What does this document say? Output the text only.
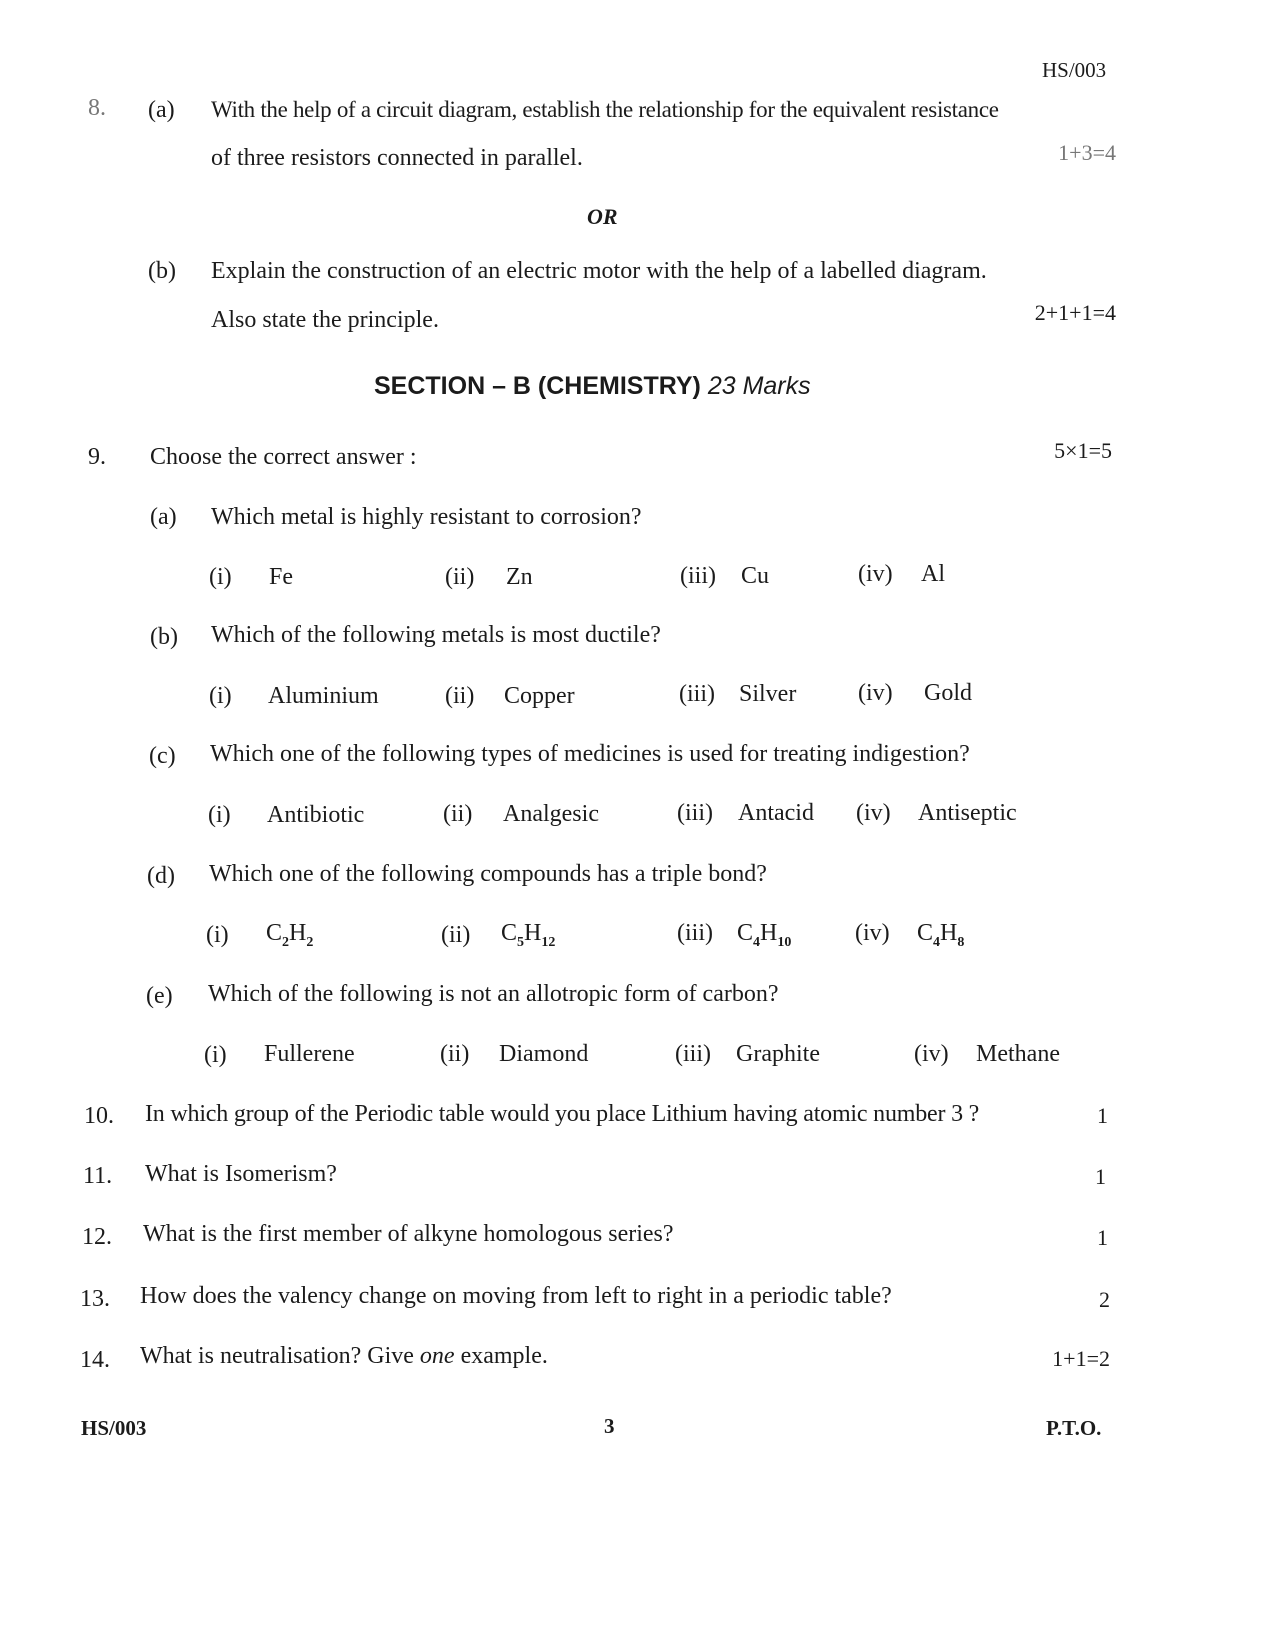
HS/003
8. (a) With the help of a circuit diagram, establish the relationship for the equivalent resistance
of three resistors connected in parallel.	1+3=4
OR
(b) Explain the construction of an electric motor with the help of a labelled diagram.
Also state the principle.	2+1+1=4
SECTION – B (CHEMISTRY) 23 Marks
9. Choose the correct answer :	5×1=5
(a) Which metal is highly resistant to corrosion?
(i) Fe	(ii) Zn	(iii) Cu	(iv) Al
(b) Which of the following metals is most ductile?
(i) Aluminium	(ii) Copper	(iii) Silver	(iv) Gold
(c) Which one of the following types of medicines is used for treating indigestion?
(i) Antibiotic	(ii) Analgesic	(iii) Antacid (iv) Antiseptic
(d) Which one of the following compounds has a triple bond?
(i) $C_2H_2$	(ii) $C_5H_{12}$	(iii) $C_4H_{10}$	(iv) $C_4H_8$
(e) Which of the following is not an allotropic form of carbon?
(i) Fullerene	(ii) Diamond	(iii) Graphite	(iv) Methane
10. In which group of the Periodic table would you place Lithium having atomic number 3 ?	1
11. What is Isomerism?	1
12. What is the first member of alkyne homologous series?	1
13. How does the valency change on moving from left to right in a periodic table?	2
14. What is neutralisation? Give one example.	1+1=2
HS/003	3	P.T.O.
